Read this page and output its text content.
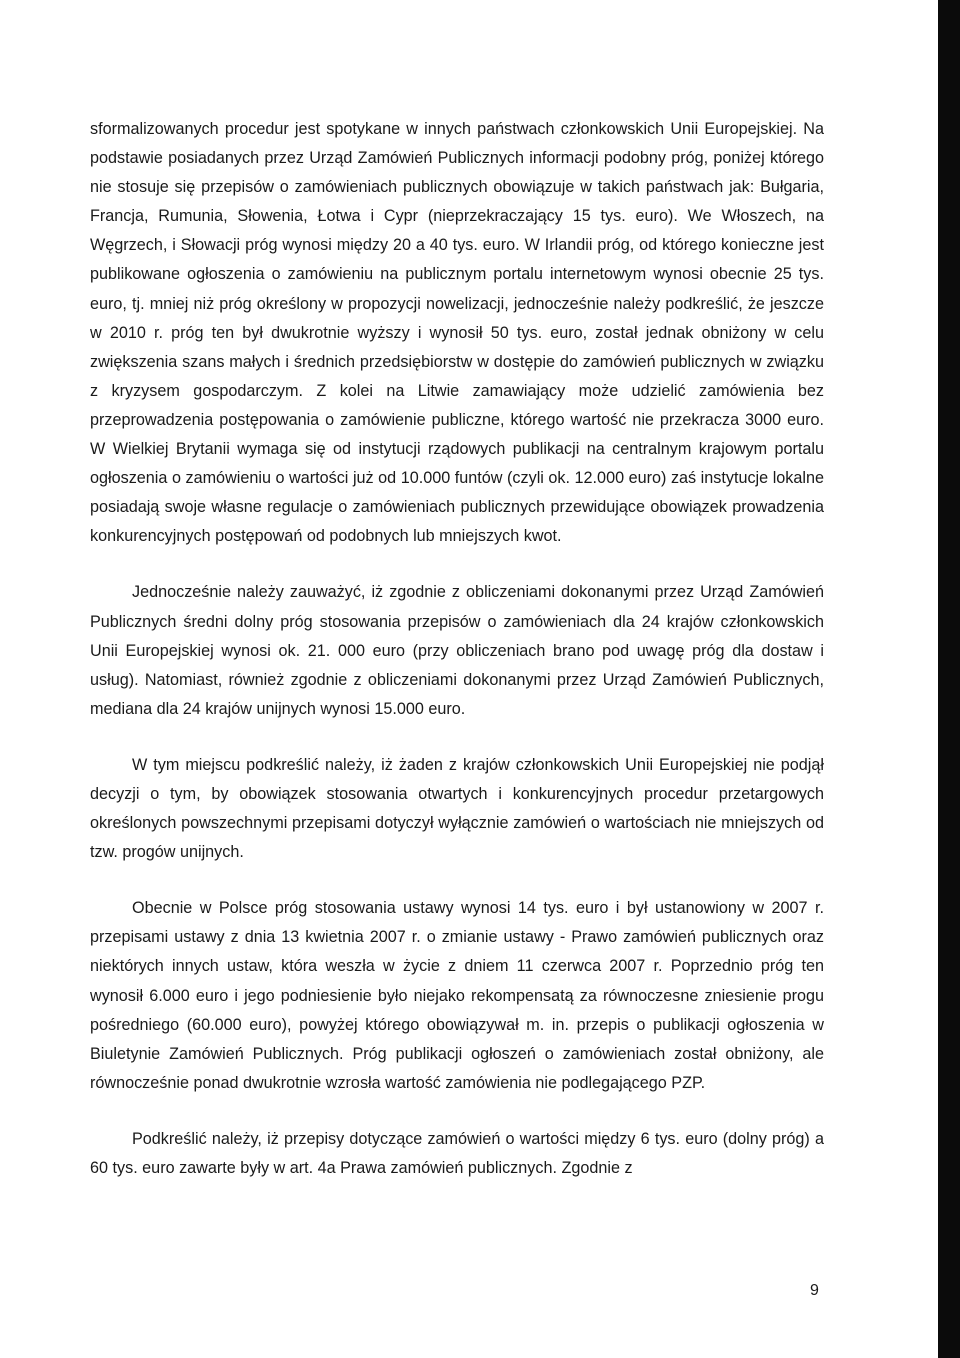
sformalizowanych procedur jest spotykane w innych państwach członkowskich Unii Europejskiej. Na podstawie posiadanych przez Urząd Zamówień Publicznych informacji podobny próg, poniżej którego nie stosuje się przepisów o zamówieniach publicznych obowiązuje w takich państwach jak: Bułgaria, Francja, Rumunia, Słowenia, Łotwa i Cypr (nieprzekraczający 15 tys. euro). We Włoszech, na Węgrzech, i Słowacji próg wynosi między 20 a 40 tys. euro. W Irlandii próg, od którego konieczne jest publikowane ogłoszenia o zamówieniu na publicznym portalu internetowym wynosi obecnie 25 tys. euro, tj. mniej niż próg określony w propozycji nowelizacji, jednocześnie należy podkreślić, że jeszcze w 2010 r. próg ten był dwukrotnie wyższy i wynosił 50 tys. euro, został jednak obniżony w celu zwiększenia szans małych i średnich przedsiębiorstw w dostępie do zamówień publicznych w związku z kryzysem gospodarczym. Z kolei na Litwie zamawiający może udzielić zamówienia bez przeprowadzenia postępowania o zamówienie publiczne, którego wartość nie przekracza 3000 euro. W Wielkiej Brytanii wymaga się od instytucji rządowych publikacji na centralnym krajowym portalu ogłoszenia o zamówieniu o wartości już od 10.000 funtów (czyli ok. 12.000 euro) zaś instytucje lokalne posiadają swoje własne regulacje o zamówieniach publicznych przewidujące obowiązek prowadzenia konkurencyjnych postępowań od podobnych lub mniejszych kwot.

Jednocześnie należy zauważyć, iż zgodnie z obliczeniami dokonanymi przez Urząd Zamówień Publicznych średni dolny próg stosowania przepisów o zamówieniach dla 24 krajów członkowskich Unii Europejskiej wynosi ok. 21. 000 euro (przy obliczeniach brano pod uwagę próg dla dostaw i usług). Natomiast, również zgodnie z obliczeniami dokonanymi przez Urząd Zamówień Publicznych, mediana dla 24 krajów unijnych wynosi 15.000 euro.

W tym miejscu podkreślić należy, iż żaden z krajów członkowskich Unii Europejskiej nie podjął decyzji o tym, by obowiązek stosowania otwartych i konkurencyjnych procedur przetargowych określonych powszechnymi przepisami dotyczył wyłącznie zamówień o wartościach nie mniejszych od tzw. progów unijnych.

Obecnie w Polsce próg stosowania ustawy wynosi 14 tys. euro i był ustanowiony w 2007 r. przepisami ustawy z dnia 13 kwietnia 2007 r. o zmianie ustawy - Prawo zamówień publicznych oraz niektórych innych ustaw, która weszła w życie z dniem 11 czerwca 2007 r. Poprzednio próg ten wynosił 6.000 euro i jego podniesienie było niejako rekompensatą za równoczesne zniesienie progu pośredniego (60.000 euro), powyżej którego obowiązywał m. in. przepis o publikacji ogłoszenia w Biuletynie Zamówień Publicznych. Próg publikacji ogłoszeń o zamówieniach został obniżony, ale równocześnie ponad dwukrotnie wzrosła wartość zamówienia nie podlegającego PZP.

Podkreślić należy, iż przepisy dotyczące zamówień o wartości między 6 tys. euro (dolny próg) a 60 tys. euro zawarte były w art. 4a Prawa zamówień publicznych. Zgodnie z

9
